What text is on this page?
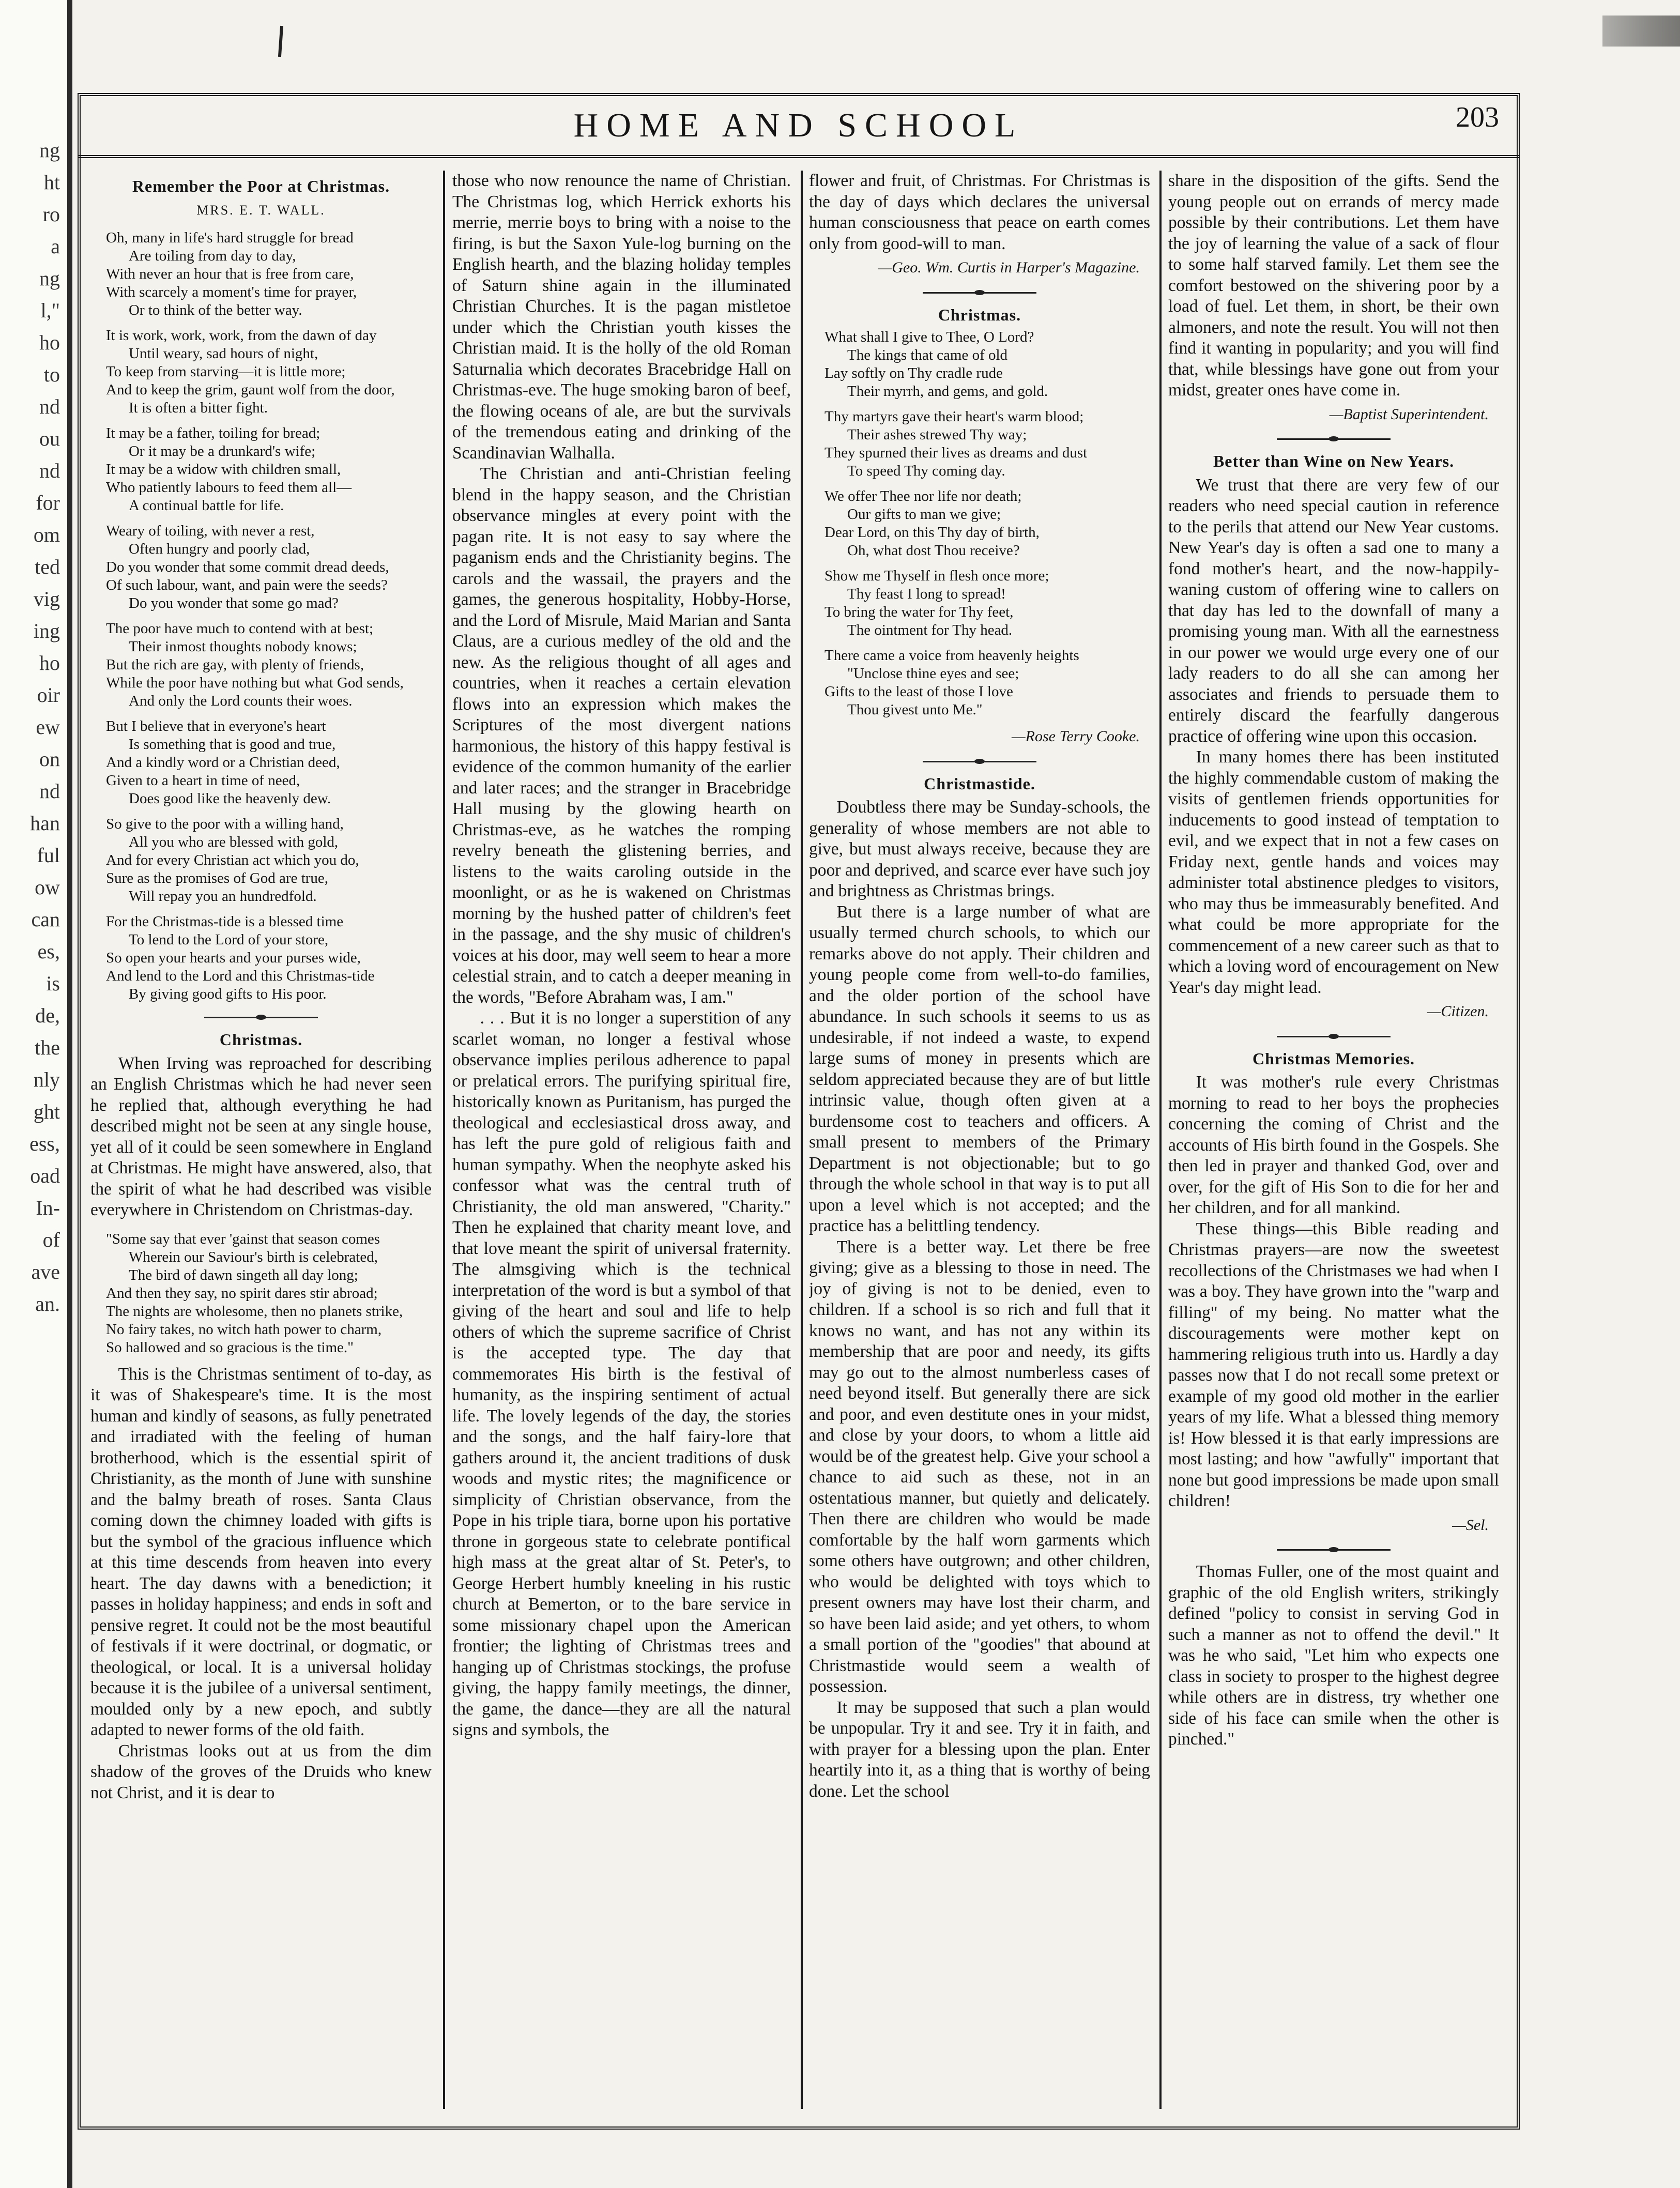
ng
ht
ro
a
ng
l,"
ho
to
nd
ou
nd
for
om
ted
vig
ing
ho
oir
ew
on
nd
han
ful
ow
can
es,
is
de,
the
nly
ght
ess,
oad
In-
of
ave
an.
HOME AND SCHOOL	203
Remember the Poor at Christmas.
MRS. E. T. WALL.
Oh, many in life's hard struggle for bread
Are toiling from day to day,
With never an hour that is free from care,
With scarcely a moment's time for prayer,
Or to think of the better way.

It is work, work, work, from the dawn of day
Until weary, sad hours of night,
To keep from starving—it is little more;
And to keep the grim, gaunt wolf from the door,
It is often a bitter fight.

It may be a father, toiling for bread;
Or it may be a drunkard's wife;
It may be a widow with children small,
Who patiently labours to feed them all—
A continual battle for life.

Weary of toiling, with never a rest,
Often hungry and poorly clad,
Do you wonder that some commit dread deeds,
Of such labour, want, and pain were the seeds?
Do you wonder that some go mad?

The poor have much to contend with at best;
Their inmost thoughts nobody knows;
But the rich are gay, with plenty of friends,
While the poor have nothing but what God sends,
And only the Lord counts their woes.

But I believe that in everyone's heart
Is something that is good and true,
And a kindly word or a Christian deed,
Given to a heart in time of need,
Does good like the heavenly dew.

So give to the poor with a willing hand,
All you who are blessed with gold,
And for every Christian act which you do,
Sure as the promises of God are true,
Will repay you an hundredfold.

For the Christmas-tide is a blessed time
To lend to the Lord of your store,
So open your hearts and your purses wide,
And lend to the Lord and this Christmas-tide
By giving good gifts to His poor.
Christmas.

When Irving was reproached for describing an English Christmas which he had never seen he replied that, although everything he had described might not be seen at any single house, yet all of it could be seen somewhere in England at Christmas. He might have answered, also, that the spirit of what he had described was visible everywhere in Christendom on Christmas-day.

"Some say that ever 'gainst that season comes
Wherein our Saviour's birth is celebrated,
The bird of dawn singeth all day long;
And then they say, no spirit dares stir abroad;
The nights are wholesome, then no planets strike,
No fairy takes, no witch hath power to charm,
So hallowed and so gracious is the time."

This is the Christmas sentiment of to-day, as it was of Shakespeare's time. It is the most human and kindly of seasons, as fully penetrated and irradiated with the feeling of human brotherhood, which is the essential spirit of Christianity, as the month of June with sunshine and the balmy breath of roses. Santa Claus coming down the chimney loaded with gifts is but the symbol of the gracious influence which at this time descends from heaven into every heart. The day dawns with a benediction; it passes in holiday happiness; and ends in soft and pensive regret. It could not be the most beautiful of festivals if it were doctrinal, or dogmatic, or theological, or local. It is a universal holiday because it is the jubilee of a universal sentiment, moulded only by a new epoch, and subtly adapted to newer forms of the old faith.

Christmas looks out at us from the dim shadow of the groves of the Druids who knew not Christ, and it is dear to

those who now renounce the name of Christian. The Christmas log, which Herrick exhorts his merrie, merrie boys to bring with a noise to the firing, is but the Saxon Yule-log burning on the English hearth, and the blazing holiday temples of Saturn shine again in the illuminated Christian Churches. It is the pagan mistletoe under which the Christian youth kisses the Christian maid. It is the holly of the old Roman Saturnalia which decorates Bracebridge Hall on Christmas-eve. The huge smoking baron of beef, the flowing oceans of ale, are but the survivals of the tremendous eating and drinking of the Scandinavian Walhalla.

The Christian and anti-Christian feeling blend in the happy season, and the Christian observance mingles at every point with the pagan rite. It is not easy to say where the paganism ends and the Christianity begins. The carols and the wassail, the prayers and the games, the generous hospitality, Hobby-Horse, and the Lord of Misrule, Maid Marian and Santa Claus, are a curious medley of the old and the new. As the religious thought of all ages and countries, when it reaches a certain elevation flows into an expression which makes the Scriptures of the most divergent nations harmonious, the history of this happy festival is evidence of the common humanity of the earlier and later races; and the stranger in Bracebridge Hall musing by the glowing hearth on Christmas-eve, as he watches the romping revelry beneath the glistening berries, and listens to the waits caroling outside in the moonlight, or as he is wakened on Christmas morning by the hushed patter of children's feet in the passage, and the shy music of children's voices at his door, may well seem to hear a more celestial strain, and to catch a deeper meaning in the words, "Before Abraham was, I am."

. . . But it is no longer a superstition of any scarlet woman, no longer a festival whose observance implies perilous adherence to papal or prelatical errors. The purifying spiritual fire, historically known as Puritanism, has purged the theological and ecclesiastical dross away, and has left the pure gold of religious faith and human sympathy. When the neophyte asked his confessor what was the central truth of Christianity, the old man answered, "Charity." Then he explained that charity meant love, and that love meant the spirit of universal fraternity. The almsgiving which is the technical interpretation of the word is but a symbol of that giving of the heart and soul and life to help others of which the supreme sacrifice of Christ is the accepted type. The day that commemorates His birth is the festival of humanity, as the inspiring sentiment of actual life. The lovely legends of the day, the stories and the songs, and the half fairy-lore that gathers around it, the ancient traditions of dusk woods and mystic rites; the magnificence or simplicity of Christian observance, from the Pope in his triple tiara, borne upon his portative throne in gorgeous state to celebrate pontifical high mass at the great altar of St. Peter's, to George Herbert humbly kneeling in his rustic church at Bemerton, or to the bare service in some missionary chapel upon the American frontier; the lighting of Christmas trees and hanging up of Christmas stockings, the profuse giving, the happy family meetings, the dinner, the game, the dance—they are all the natural signs and symbols, the

flower and fruit, of Christmas. For Christmas is the day of days which declares the universal human consciousness that peace on earth comes only from good-will to man.

—Geo. Wm. Curtis in Harper's Magazine.
Christmas.
What shall I give to Thee, O Lord?
The kings that came of old
Lay softly on Thy cradle rude
Their myrrh, and gems, and gold.

Thy martyrs gave their heart's warm blood;
Their ashes strewed Thy way;
They spurned their lives as dreams and dust
To speed Thy coming day.

We offer Thee nor life nor death;
Our gifts to man we give;
Dear Lord, on this Thy day of birth,
Oh, what dost Thou receive?

Show me Thyself in flesh once more;
Thy feast I long to spread!
To bring the water for Thy feet,
The ointment for Thy head.

There came a voice from heavenly heights
"Unclose thine eyes and see;
Gifts to the least of those I love
Thou givest unto Me."
—Rose Terry Cooke.
Christmastide.

Doubtless there may be Sunday-schools, the generality of whose members are not able to give, but must always receive, because they are poor and deprived, and scarce ever have such joy and brightness as Christmas brings.

But there is a large number of what are usually termed church schools, to which our remarks above do not apply. Their children and young people come from well-to-do families, and the older portion of the school have abundance. In such schools it seems to us as undesirable, if not indeed a waste, to expend large sums of money in presents which are seldom appreciated because they are of but little intrinsic value, though often given at a burdensome cost to teachers and officers. A small present to members of the Primary Department is not objectionable; but to go through the whole school in that way is to put all upon a level which is not accepted; and the practice has a belittling tendency.

There is a better way. Let there be free giving; give as a blessing to those in need. The joy of giving is not to be denied, even to children. If a school is so rich and full that it knows no want, and has not any within its membership that are poor and needy, its gifts may go out to the almost numberless cases of need beyond itself. But generally there are sick and poor, and even destitute ones in your midst, and close by your doors, to whom a little aid would be of the greatest help. Give your school a chance to aid such as these, not in an ostentatious manner, but quietly and delicately. Then there are children who would be made comfortable by the half worn garments which some others have outgrown; and other children, who would be delighted with toys which to present owners may have lost their charm, and so have been laid aside; and yet others, to whom a small portion of the "goodies" that abound at Christmastide would seem a wealth of possession.

It may be supposed that such a plan would be unpopular. Try it and see. Try it in faith, and with prayer for a blessing upon the plan. Enter heartily into it, as a thing that is worthy of being done. Let the school

share in the disposition of the gifts. Send the young people out on errands of mercy made possible by their contributions. Let them have the joy of learning the value of a sack of flour to some half starved family. Let them see the comfort bestowed on the shivering poor by a load of fuel. Let them, in short, be their own almoners, and note the result. You will not then find it wanting in popularity; and you will find that, while blessings have gone out from your midst, greater ones have come in.

—Baptist Superintendent.
Better than Wine on New Years.

We trust that there are very few of our readers who need special caution in reference to the perils that attend our New Year customs. New Year's day is often a sad one to many a fond mother's heart, and the now-happily-waning custom of offering wine to callers on that day has led to the downfall of many a promising young man. With all the earnestness in our power we would urge every one of our lady readers to do all she can among her associates and friends to persuade them to entirely discard the fearfully dangerous practice of offering wine upon this occasion.

In many homes there has been instituted the highly commendable custom of making the visits of gentlemen friends opportunities for inducements to good instead of temptation to evil, and we expect that in not a few cases on Friday next, gentle hands and voices may administer total abstinence pledges to visitors, who may thus be immeasurably benefited. And what could be more appropriate for the commencement of a new career such as that to which a loving word of encouragement on New Year's day might lead.

—Citizen.
Christmas Memories.

It was mother's rule every Christmas morning to read to her boys the prophecies concerning the coming of Christ and the accounts of His birth found in the Gospels. She then led in prayer and thanked God, over and over, for the gift of His Son to die for her and her children, and for all mankind.

These things—this Bible reading and Christmas prayers—are now the sweetest recollections of the Christmases we had when I was a boy. They have grown into the "warp and filling" of my being. No matter what the discouragements were mother kept on hammering religious truth into us. Hardly a day passes now that I do not recall some pretext or example of my good old mother in the earlier years of my life. What a blessed thing memory is! How blessed it is that early impressions are most lasting; and how "awfully" important that none but good impressions be made upon small children!

—Sel.

Thomas Fuller, one of the most quaint and graphic of the old English writers, strikingly defined "policy to consist in serving God in such a manner as not to offend the devil." It was he who said, "Let him who expects one class in society to prosper to the highest degree while others are in distress, try whether one side of his face can smile when the other is pinched."
